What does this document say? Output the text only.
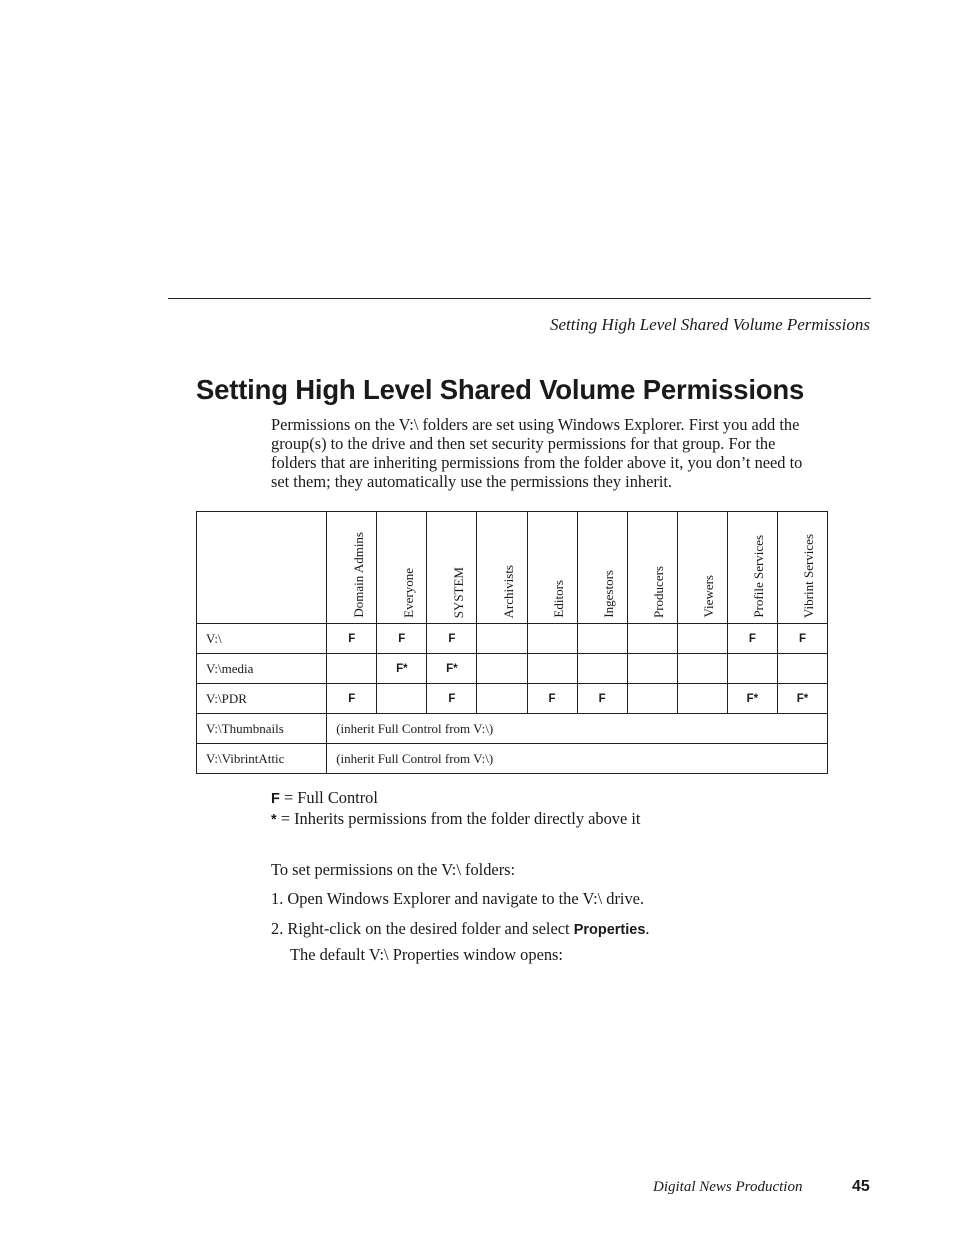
Setting High Level Shared Volume Permissions
Setting High Level Shared Volume Permissions

Permissions on the V:\ folders are set using Windows Explorer. First you add the group(s) to the drive and then set security permissions for that group. For the folders that are inheriting permissions from the folder above it, you don’t need to set them; they automatically use the permissions they inherit.

	Domain Admins	Everyone	SYSTEM	Archivists	Editors	Ingestors	Producers	Viewers	Profile Services	Vibrint Services
V:\	F	F	F						F	F
V:\media		F*	F*							
V:\PDR	F		F		F	F			F*	F*
V:\Thumbnails	(inherit Full Control from V:\)									
V:\VibrintAttic	(inherit Full Control from V:\)									
F = Full Control
* = Inherits permissions from the folder directly above it
To set permissions on the V:\ folders:
1. Open Windows Explorer and navigate to the V:\ drive.
2. Right-click on the desired folder and select Properties.
The default V:\ Properties window opens:
Digital News Production	45
